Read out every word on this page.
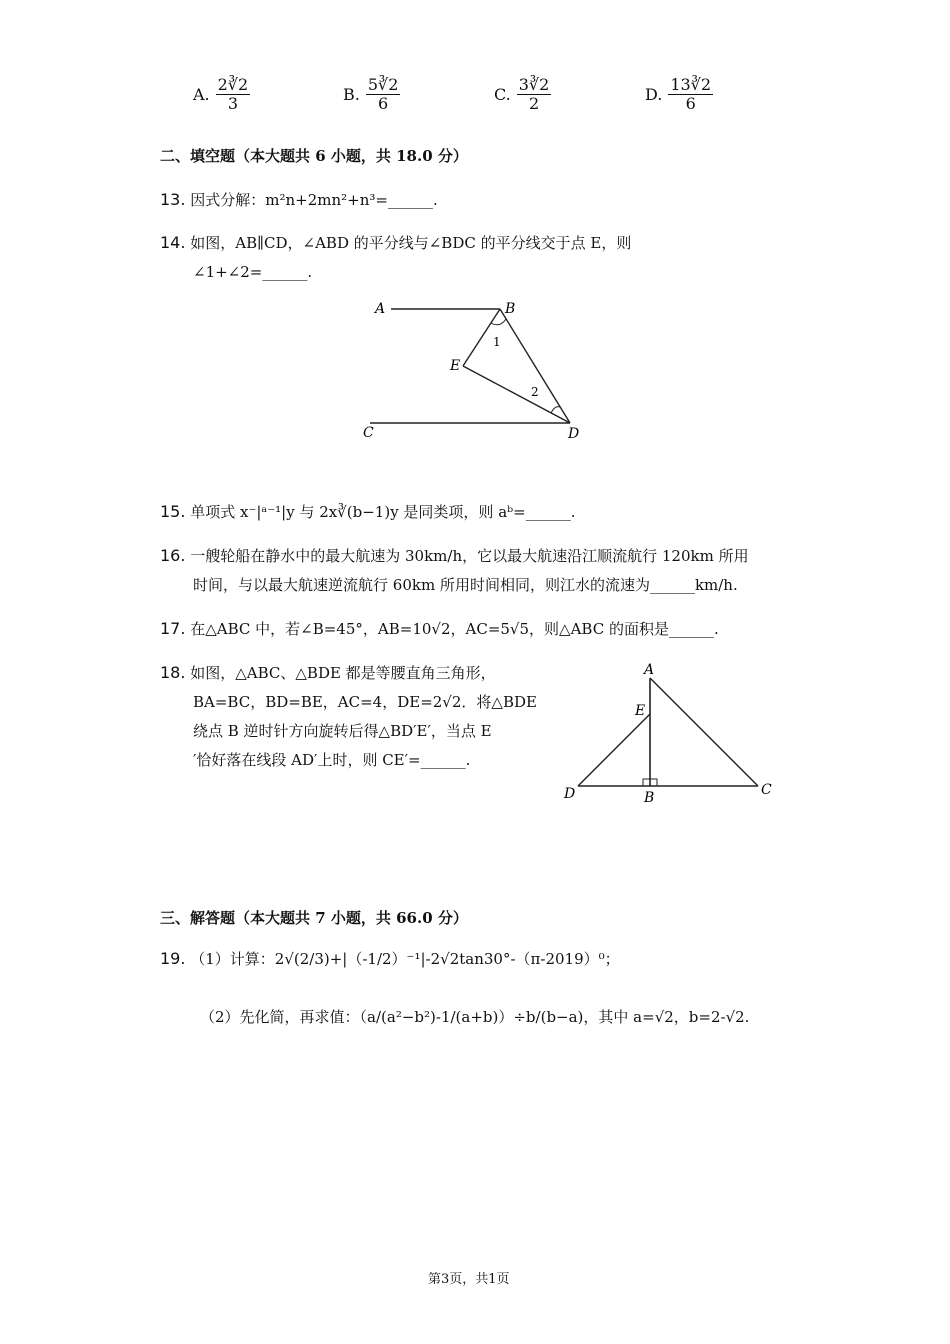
A. $\frac{2∛2}{3}$	B. $\frac{5∛2}{6}$	C. $\frac{3∛2}{2}$	D. $\frac{13∛2}{6}$
二、填空题（本大题共 6 小题，共 18.0 分）
13. 因式分解：m²n+2mn²+n³=______.
14. 如图，AB∥CD，∠ABD 的平分线与∠BDC 的平分线交于点 E，则
∠1+∠2=______.
A	B
C	D
E
1
2
15. 单项式 x⁻|ᵃ⁻¹|y 与 2x∛(b−1)y 是同类项，则 aᵇ=______.
16. 一艘轮船在静水中的最大航速为 30km/h，它以最大航速沿江顺流航行 120km 所用
时间，与以最大航速逆流航行 60km 所用时间相同，则江水的流速为______km/h.
17. 在△ABC 中，若∠B=45°，AB=10√2，AC=5√5，则△ABC 的面积是______.
18. 如图，△ABC、△BDE 都是等腰直角三角形，
BA=BC，BD=BE，AC=4，DE=2√2．将△BDE
绕点 B 逆时针方向旋转后得△BD′E′，当点 E
′恰好落在线段 AD′上时，则 CE′=______.
A
E
D	B	C
三、解答题（本大题共 7 小题，共 66.0 分）
19. （1）计算：2√(2/3)+|（-1/2）⁻¹|-2√2tan30°-（π-2019）⁰；
（2）先化简，再求值：（a/(a²−b²)-1/(a+b)）÷b/(b−a)，其中 a=√2，b=2-√2.
第3页，共1页
